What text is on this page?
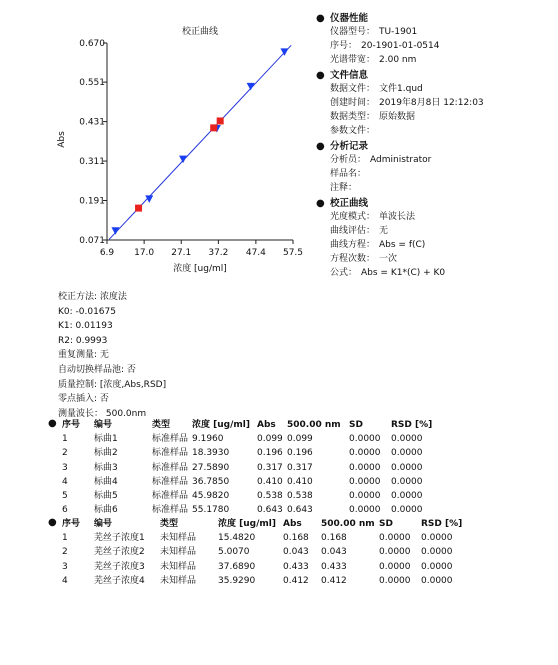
校正曲线
0.071
0.191
0.311
0.431
0.551
0.670
6.9 17.0 27.1 37.2 47.4 57.5
浓度 [ug/ml]
Abs
● 仪器性能
仪器型号： TU-1901
序号： 20-1901-01-0514
光谱带宽： 2.00 nm
● 文件信息
数据文件： 文件1.qud
创建时间： 2019年8月8日 12:12:03
数据类型： 原始数据
参数文件：
● 分析记录
分析员： Administrator
样品名：
注释：
● 校正曲线
光度模式： 单波长法
曲线评估： 无
曲线方程： Abs = f(C)
方程次数： 一次
公式： Abs = K1*(C) + K0
校正方法: 浓度法
K0: -0.01675
K1: 0.01193
R2: 0.9993
重复测量: 无
自动切换样品池: 否
质量控制: [浓度,Abs,RSD]
零点插入: 否
测量波长： 500.0nm
● 序号	编号	类型	浓度 [ug/ml]	Abs	500.00 nm	SD	RSD [%]
1	标曲1	标准样品	9.1960	0.099	0.099	0.0000	0.0000
2	标曲2	标准样品	18.3930	0.196	0.196	0.0000	0.0000
3	标曲3	标准样品	27.5890	0.317	0.317	0.0000	0.0000
4	标曲4	标准样品	36.7850	0.410	0.410	0.0000	0.0000
5	标曲5	标准样品	45.9820	0.538	0.538	0.0000	0.0000
6	标曲6	标准样品	55.1780	0.643	0.643	0.0000	0.0000
● 序号	编号	类型	浓度 [ug/ml]	Abs	500.00 nm	SD	RSD [%]
1	芜丝子浓度1	未知样品	15.4820	0.168	0.168	0.0000	0.0000
2	芜丝子浓度2	未知样品	5.0070	0.043	0.043	0.0000	0.0000
3	芜丝子浓度3	未知样品	37.6890	0.433	0.433	0.0000	0.0000
4	芜丝子浓度4	未知样品	35.9290	0.412	0.412	0.0000	0.0000
